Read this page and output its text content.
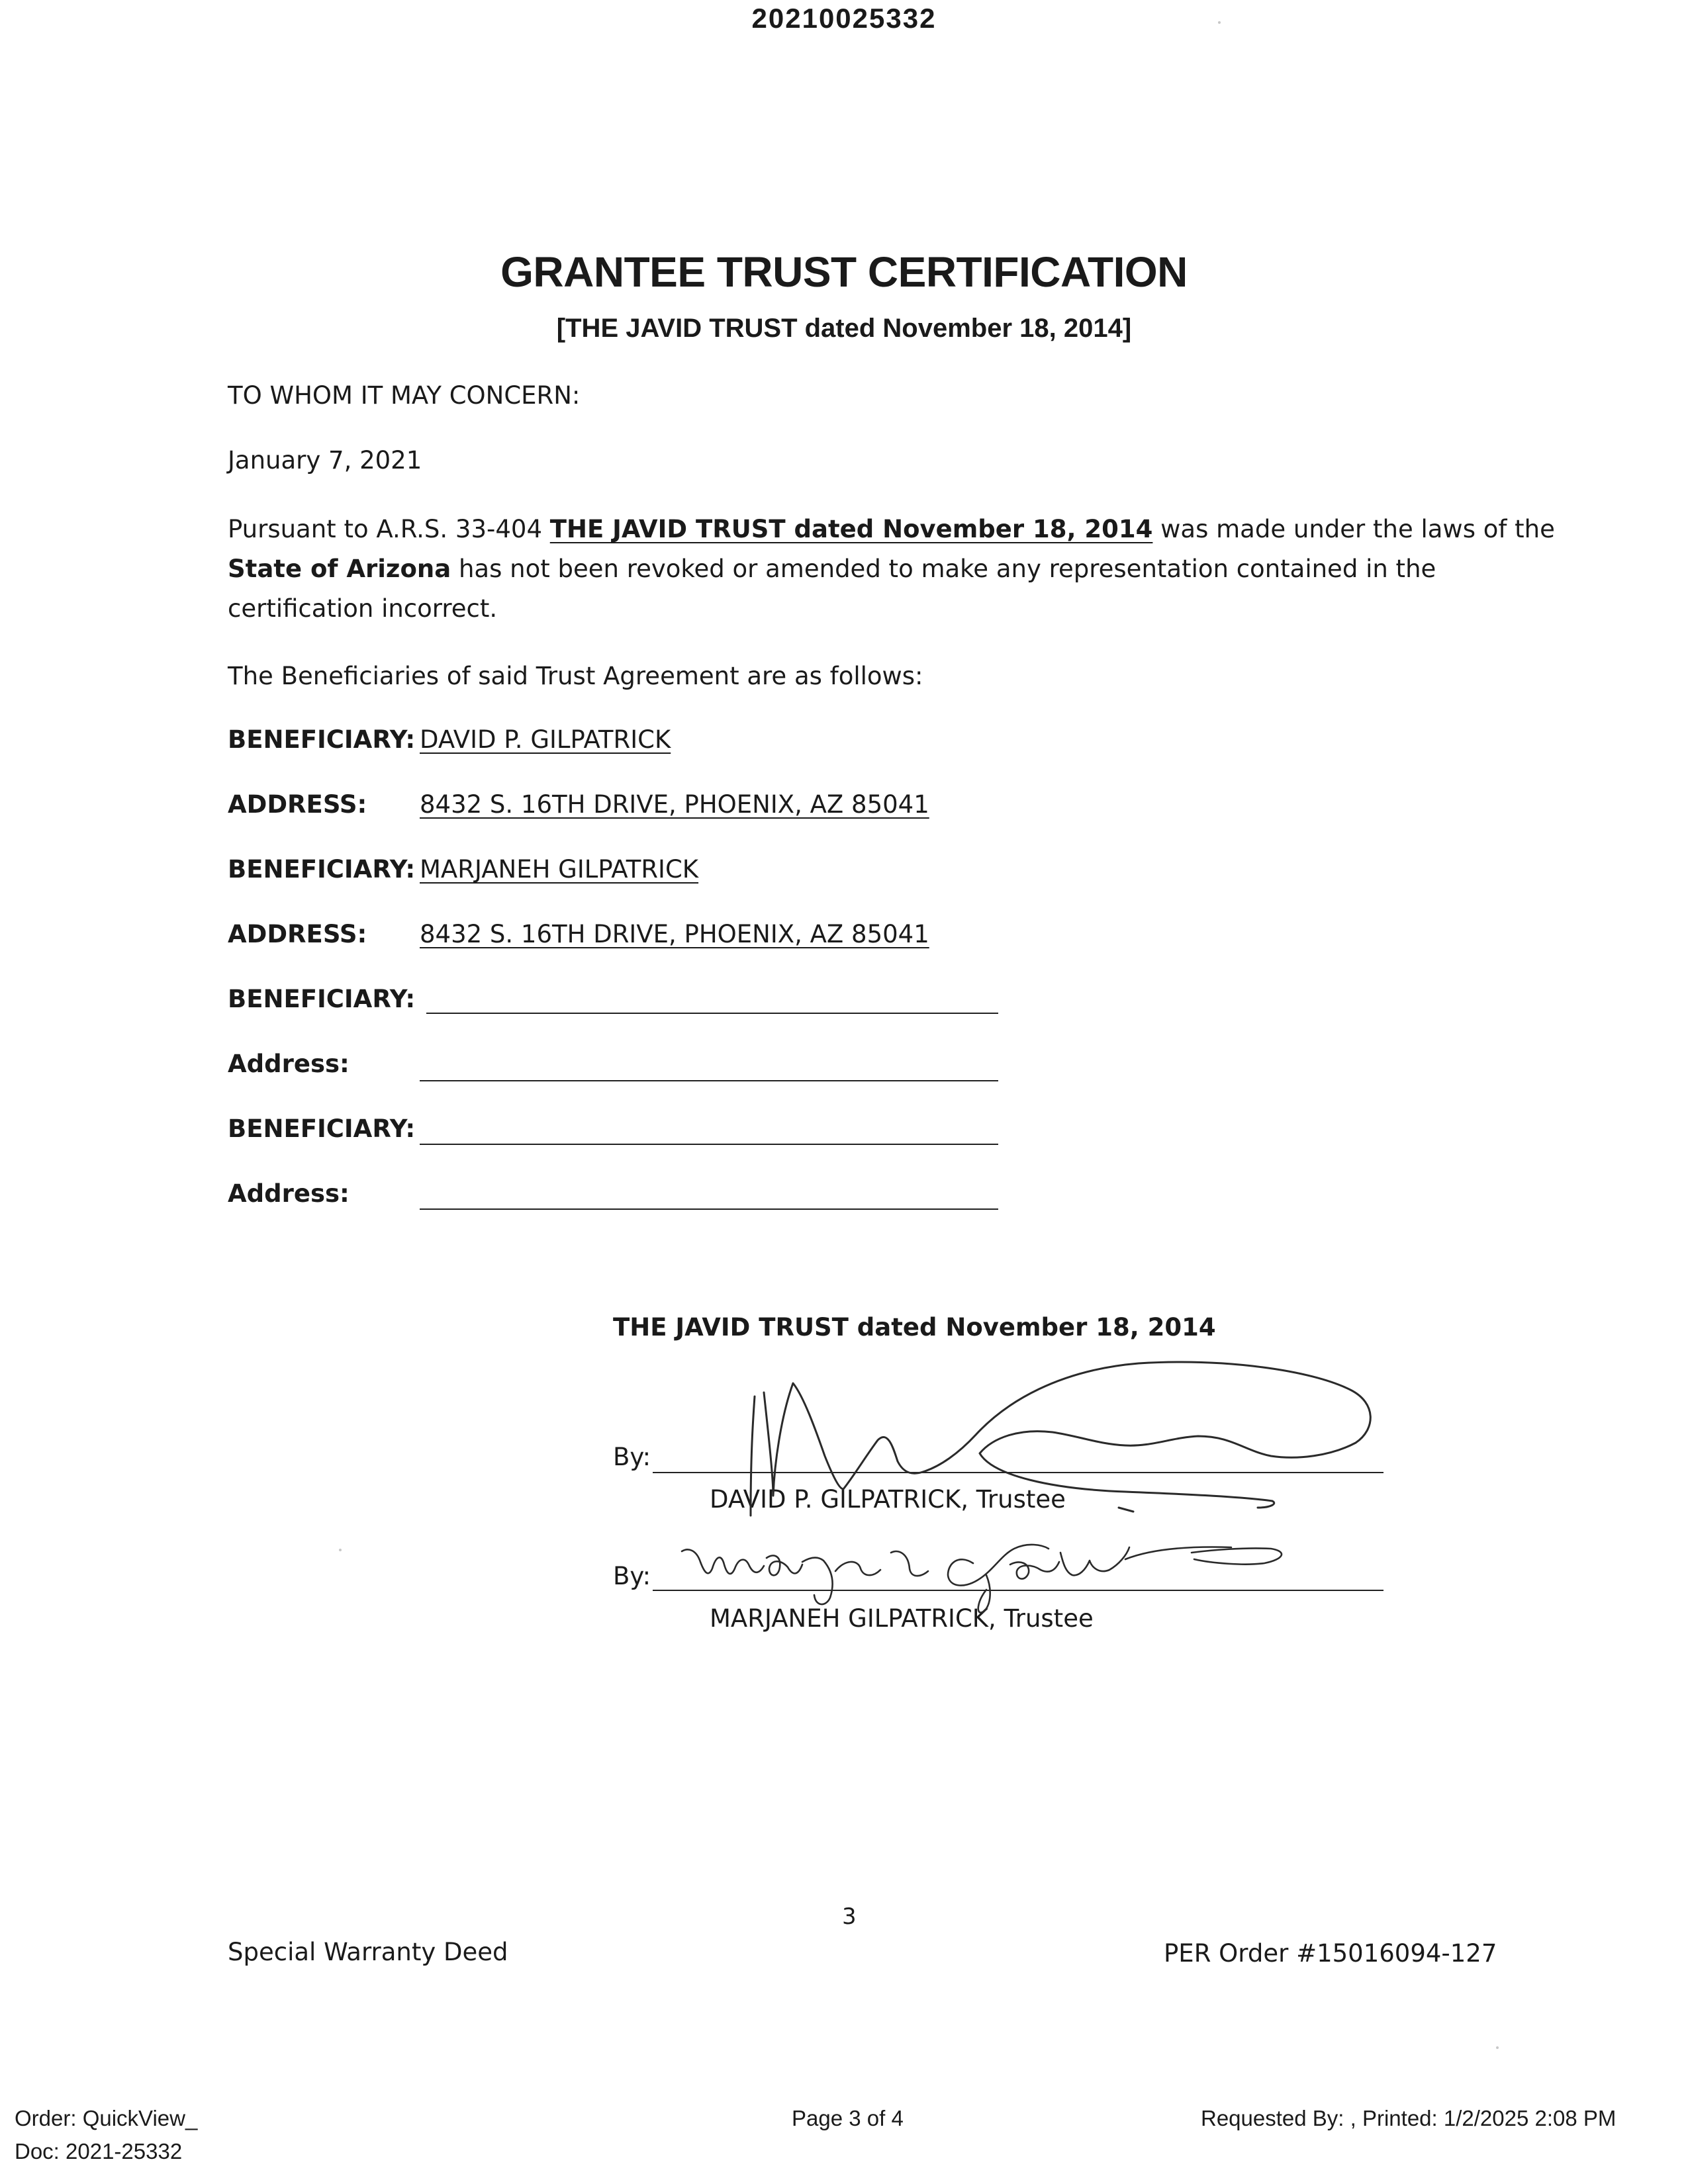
20210025332
GRANTEE TRUST CERTIFICATION
[THE JAVID TRUST dated November 18, 2014]
TO WHOM IT MAY CONCERN:
January 7, 2021
Pursuant to A.R.S. 33-404 THE JAVID TRUST dated November 18, 2014 was made under the laws of the
State of Arizona has not been revoked or amended to make any representation contained in the
certification incorrect.
The Beneficiaries of said Trust Agreement are as follows:
BENEFICIARY: DAVID P. GILPATRICK
ADDRESS: 8432 S. 16TH DRIVE, PHOENIX, AZ 85041
BENEFICIARY: MARJANEH GILPATRICK
ADDRESS: 8432 S. 16TH DRIVE, PHOENIX, AZ 85041
BENEFICIARY:
Address:
BENEFICIARY:
Address:
THE JAVID TRUST dated November 18, 2014
By:
DAVID P. GILPATRICK, Trustee
By:
MARJANEH GILPATRICK, Trustee
3
Special Warranty Deed	PER Order #15016094-127
Order: QuickView_
Doc: 2021-25332
Page 3 of 4	Requested By: , Printed: 1/2/2025 2:08 PM
